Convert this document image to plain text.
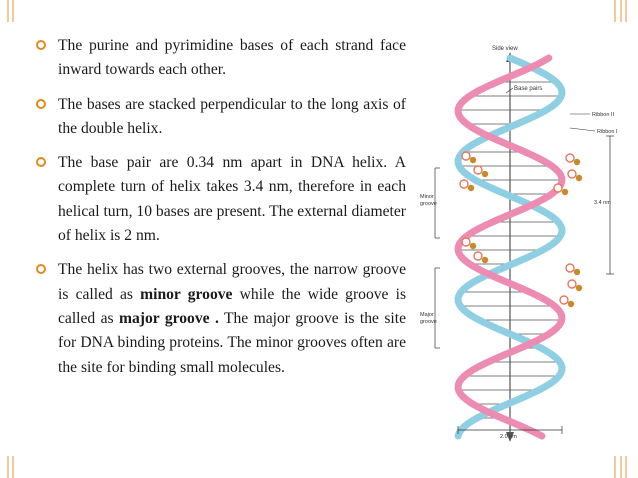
The purine and pyrimidine bases of each strand face inward towards each other.
The bases are stacked perpendicular to the long axis of the double helix.
The base pair are 0.34 nm apart in DNA helix. A complete turn of helix takes 3.4 nm, therefore in each helical turn, 10 bases are present. The external diameter of helix is 2 nm.
The helix has two external grooves, the narrow groove is called as minor groove while the wide groove is called as major groove . The major groove is the site for DNA binding proteins. The minor grooves often are the site for binding small molecules.
Side view
Base pairs
Ribbon II
Ribbon I
3.4 nm
Minor groove
Major groove
2.0 nm
